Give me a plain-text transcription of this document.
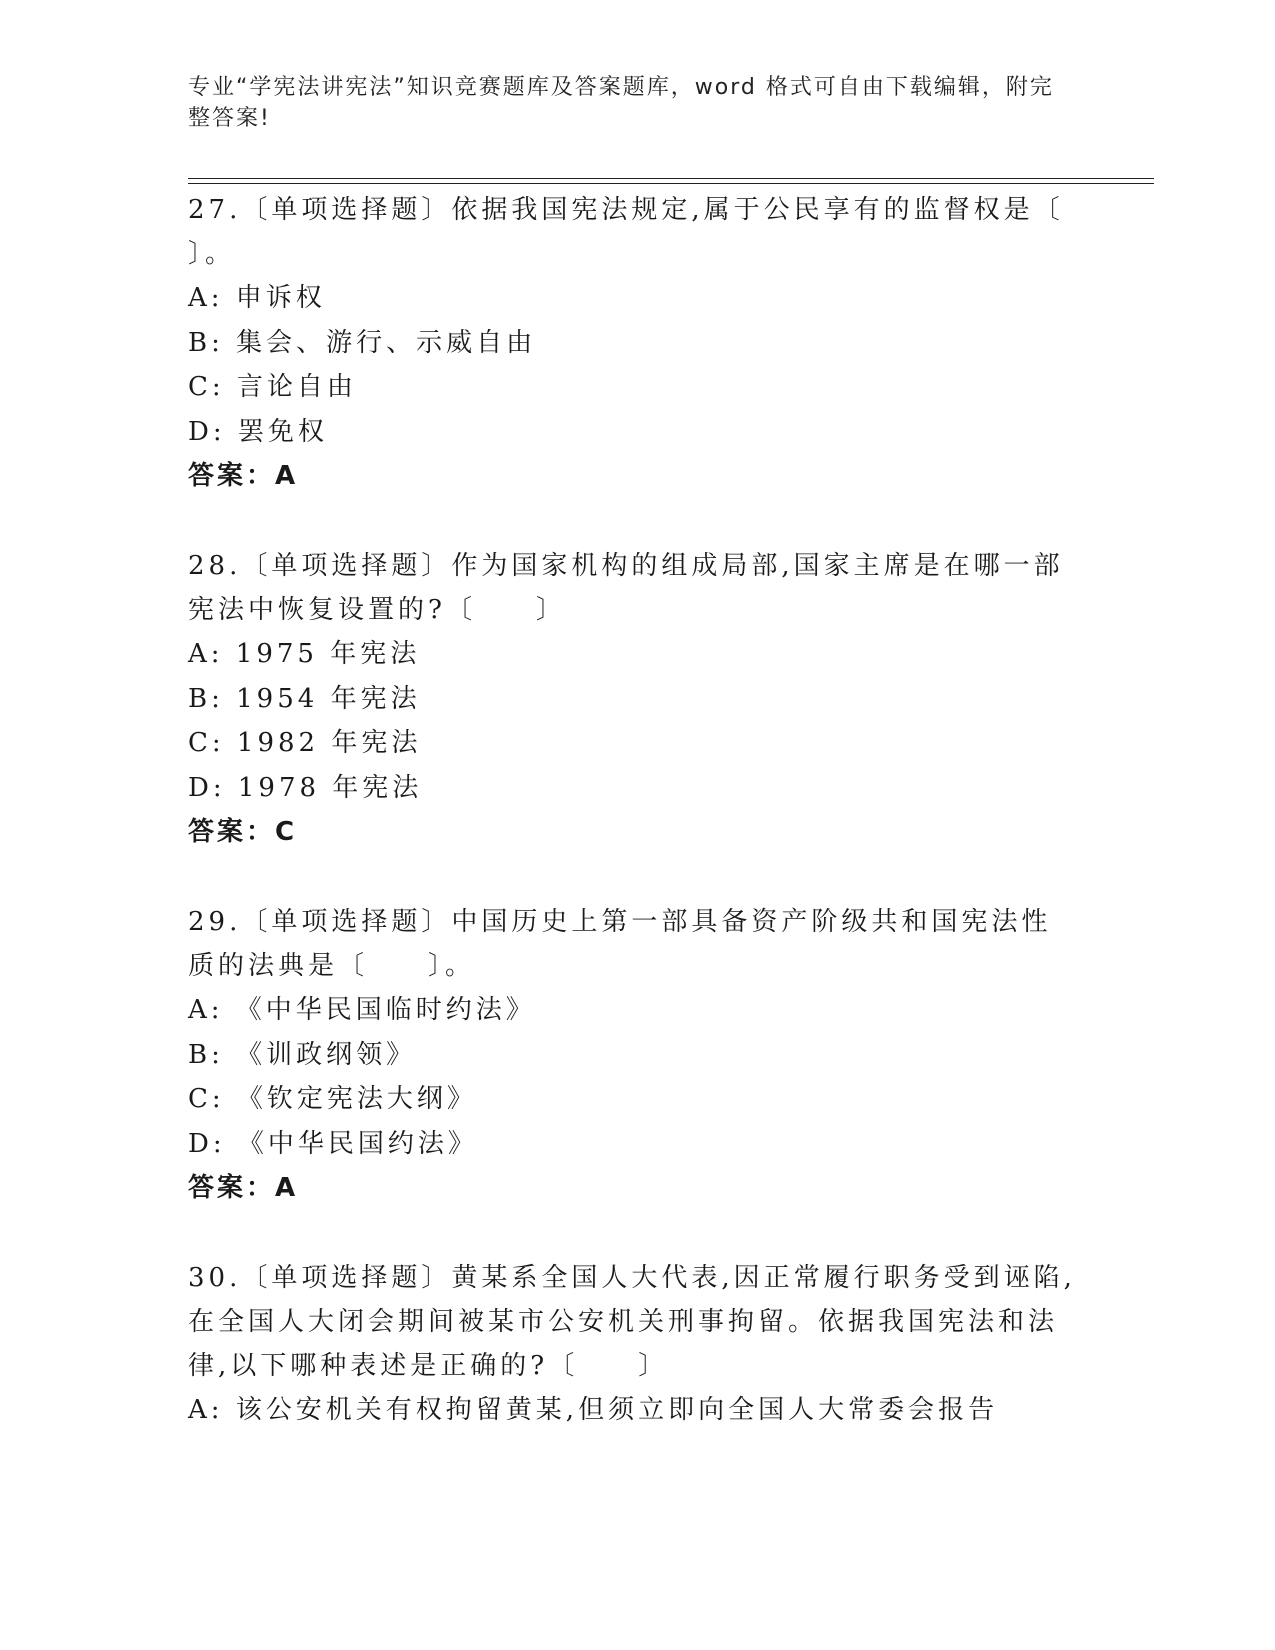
专业“学宪法讲宪法”知识竞赛题库及答案题库，word 格式可自由下载编辑，附完整答案!

27.〔单项选择题〕依据我国宪法规定,属于公民享有的监督权是〔 〕。

A: 申诉权

B: 集会、游行、示威自由

C: 言论自由

D: 罢免权

答案：A

28.〔单项选择题〕作为国家机构的组成局部,国家主席是在哪一部宪法中恢复设置的?〔　　〕

A: 1975 年宪法

B: 1954 年宪法

C: 1982 年宪法

D: 1978 年宪法

答案：C

29.〔单项选择题〕中国历史上第一部具备资产阶级共和国宪法性质的法典是〔　　〕。

A: 《中华民国临时约法》

B: 《训政纲领》

C: 《钦定宪法大纲》

D: 《中华民国约法》

答案：A

30.〔单项选择题〕黄某系全国人大代表,因正常履行职务受到诬陷,在全国人大闭会期间被某市公安机关刑事拘留。依据我国宪法和法律,以下哪种表述是正确的?〔　　〕

A: 该公安机关有权拘留黄某,但须立即向全国人大常委会报告
